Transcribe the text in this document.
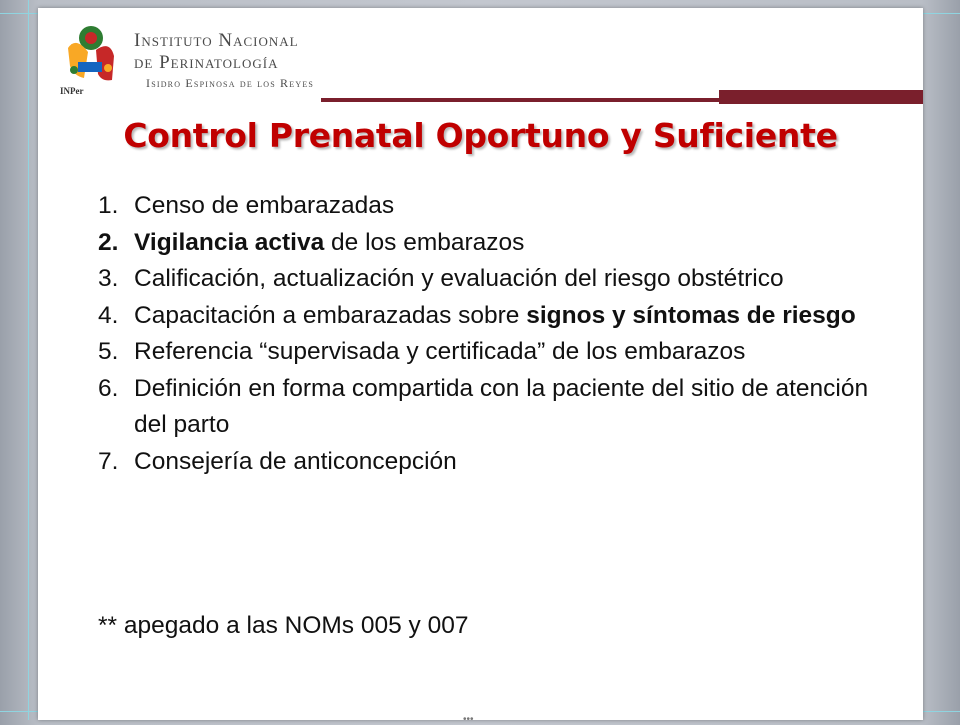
INPer
Instituto Nacional
de Perinatología
Isidro Espinosa de los Reyes
Control Prenatal Oportuno y Suficiente
1. Censo de embarazadas
2. Vigilancia activa de los embarazos
3. Calificación, actualización y evaluación del riesgo obstétrico
4. Capacitación a embarazadas sobre signos y síntomas de riesgo
5. Referencia “supervisada y certificada” de los embarazos
6. Definición en forma compartida con la paciente del sitio de atención del parto
7. Consejería de anticoncepción
** apegado a las NOMs 005 y 007
•••
